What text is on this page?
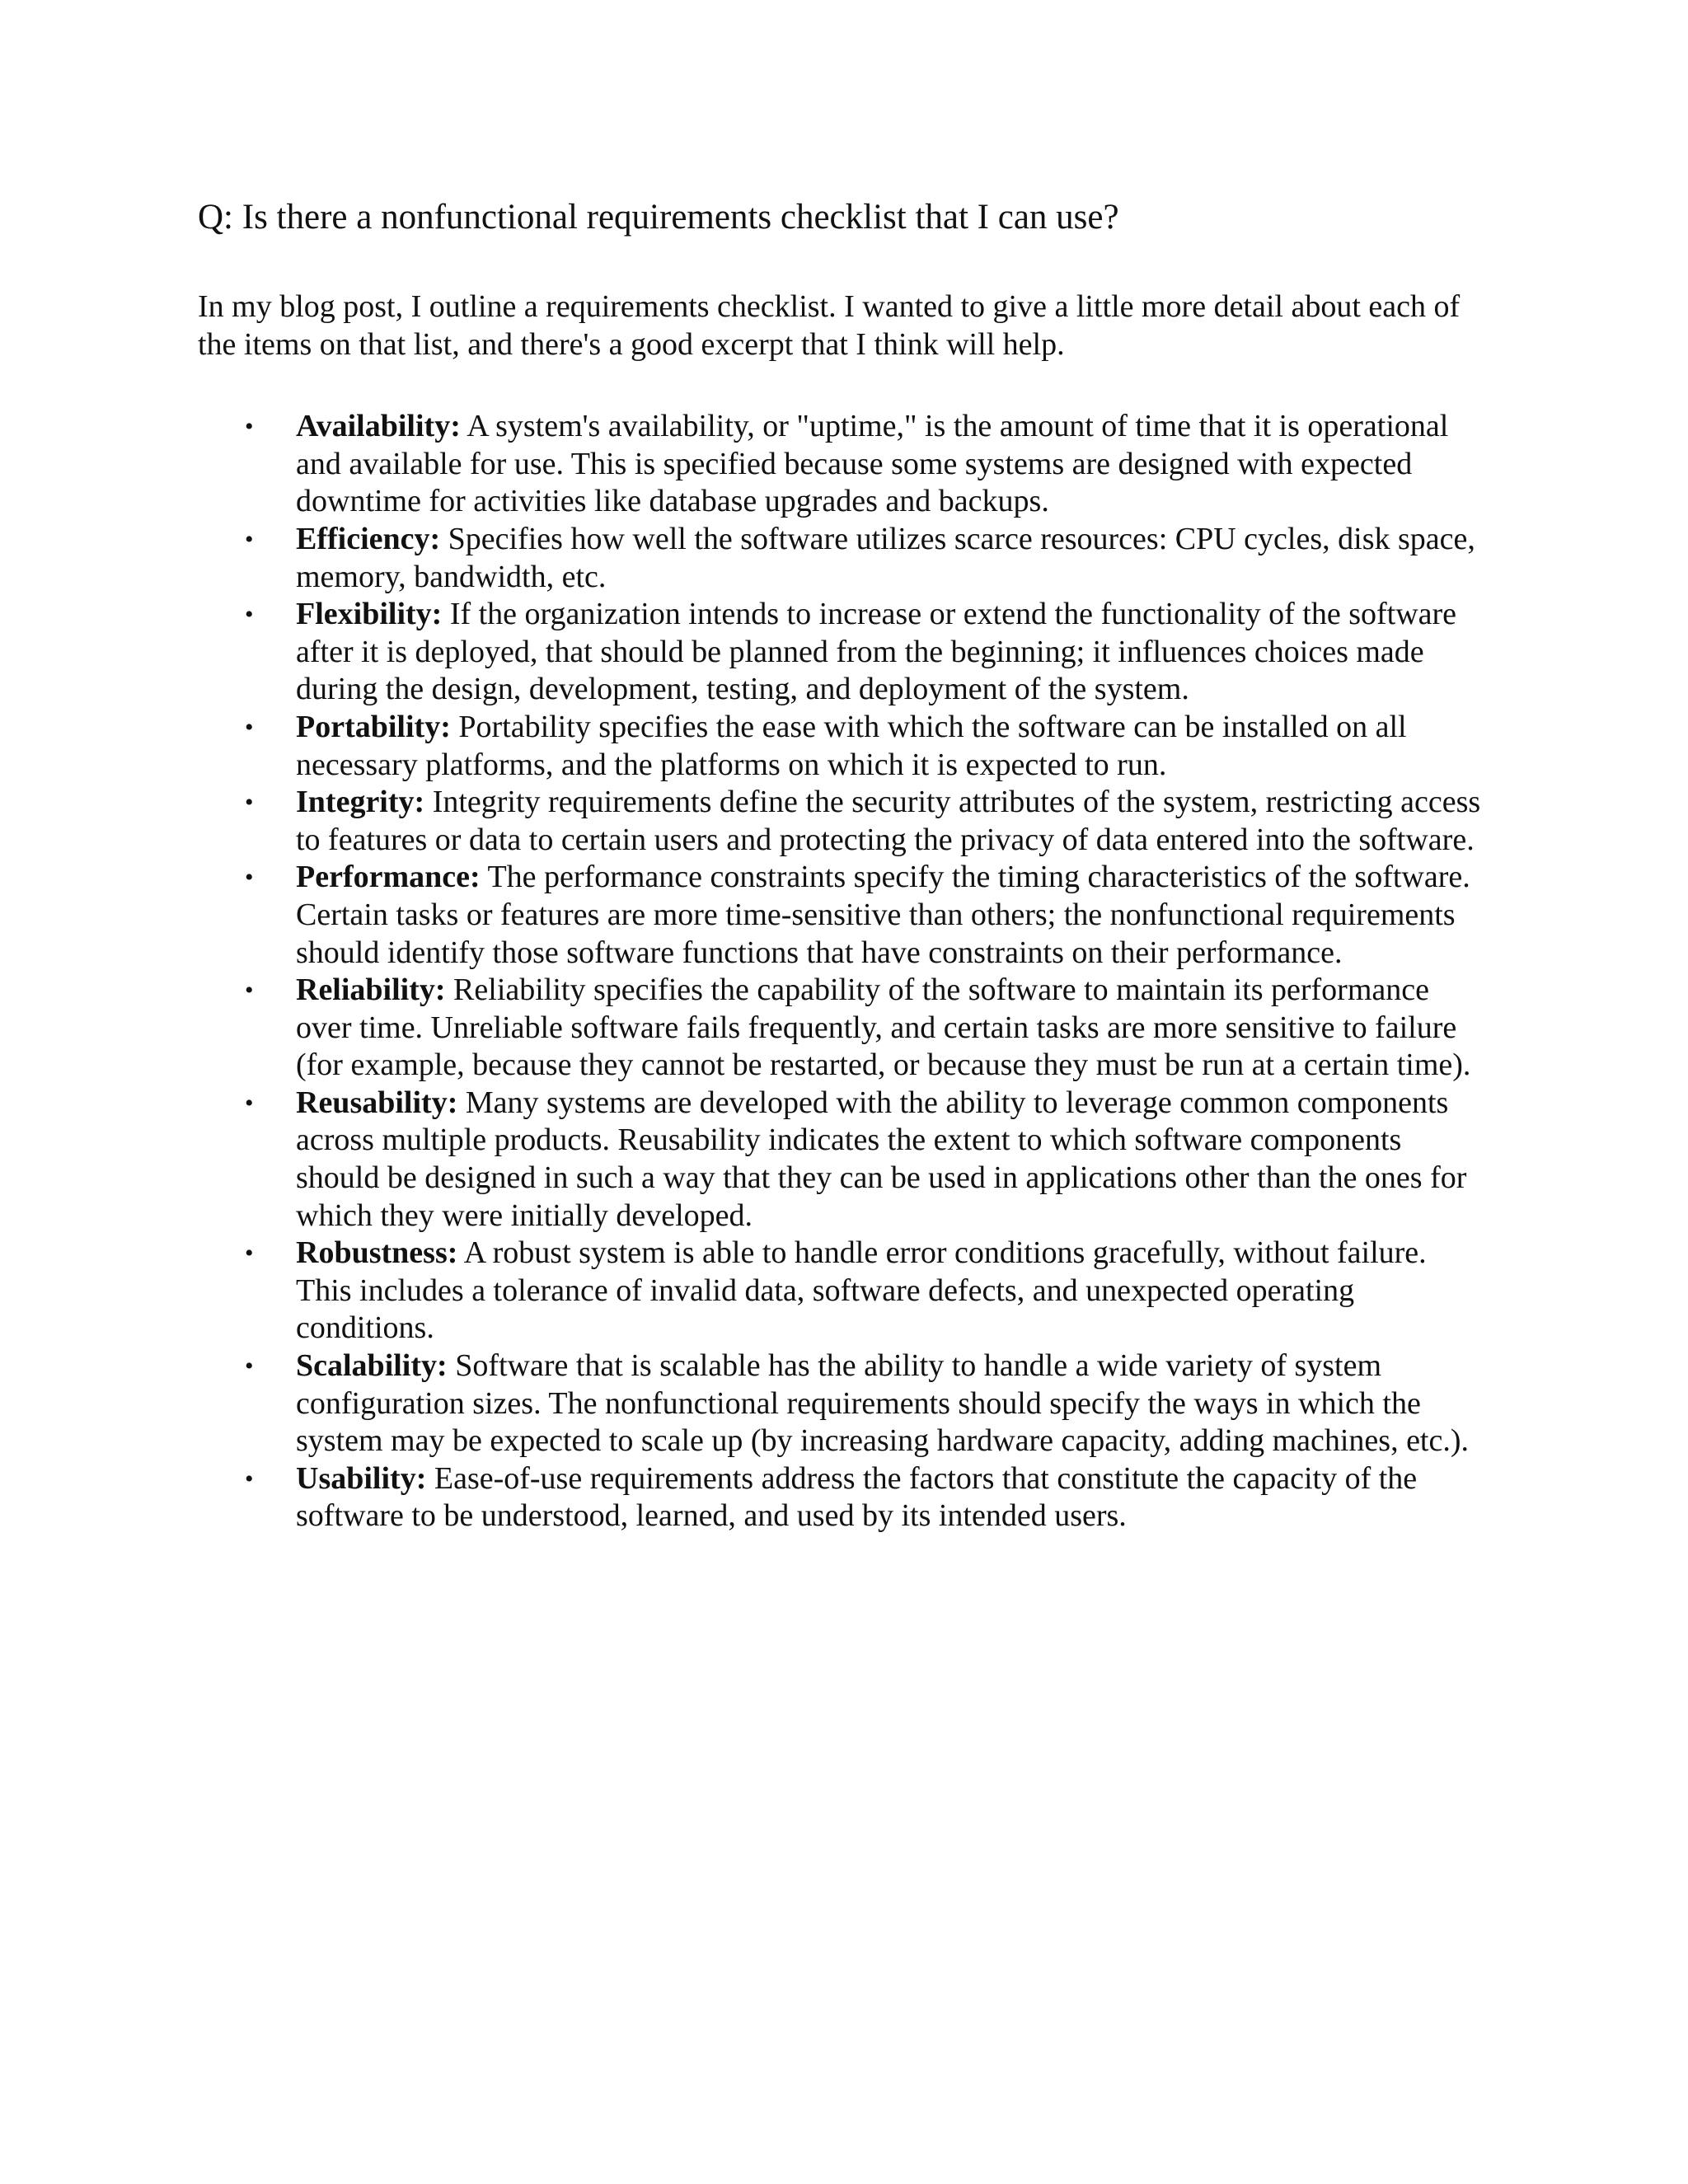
Q: Is there a nonfunctional requirements checklist that I can use?

In my blog post, I outline a requirements checklist. I wanted to give a little more detail about each of the items on that list, and there's a good excerpt that I think will help.

•	Availability: A system's availability, or "uptime," is the amount of time that it is operational and available for use. This is specified because some systems are designed with expected downtime for activities like database upgrades and backups.
•	Efficiency: Specifies how well the software utilizes scarce resources: CPU cycles, disk space, memory, bandwidth, etc.
•	Flexibility: If the organization intends to increase or extend the functionality of the software after it is deployed, that should be planned from the beginning; it influences choices made during the design, development, testing, and deployment of the system.
•	Portability: Portability specifies the ease with which the software can be installed on all necessary platforms, and the platforms on which it is expected to run.
•	Integrity: Integrity requirements define the security attributes of the system, restricting access to features or data to certain users and protecting the privacy of data entered into the software.
•	Performance: The performance constraints specify the timing characteristics of the software. Certain tasks or features are more time-sensitive than others; the nonfunctional requirements should identify those software functions that have constraints on their performance.
•	Reliability: Reliability specifies the capability of the software to maintain its performance over time. Unreliable software fails frequently, and certain tasks are more sensitive to failure (for example, because they cannot be restarted, or because they must be run at a certain time).
•	Reusability: Many systems are developed with the ability to leverage common components across multiple products. Reusability indicates the extent to which software components should be designed in such a way that they can be used in applications other than the ones for which they were initially developed.
•	Robustness: A robust system is able to handle error conditions gracefully, without failure. This includes a tolerance of invalid data, software defects, and unexpected operating conditions.
•	Scalability: Software that is scalable has the ability to handle a wide variety of system configuration sizes. The nonfunctional requirements should specify the ways in which the system may be expected to scale up (by increasing hardware capacity, adding machines, etc.).
•	Usability: Ease-of-use requirements address the factors that constitute the capacity of the software to be understood, learned, and used by its intended users.
